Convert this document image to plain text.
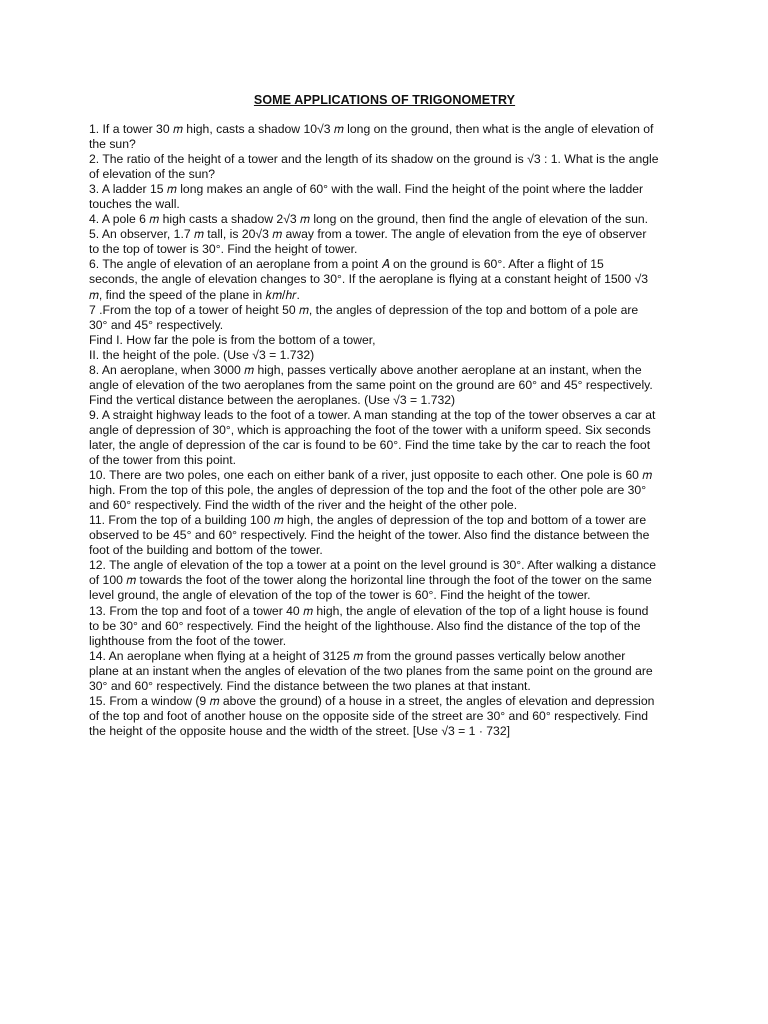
SOME APPLICATIONS OF TRIGONOMETRY
1. If a tower 30 𝑚 high, casts a shadow 10√3 𝑚 long on the ground, then what is the angle of elevation of
the sun?
2. The ratio of the height of a tower and the length of its shadow on the ground is √3 : 1. What is the angle
of elevation of the sun?
3. A ladder 15 𝑚 long makes an angle of 60° with the wall. Find the height of the point where the ladder
touches the wall.
4. A pole 6 𝑚 high casts a shadow 2√3 𝑚 long on the ground, then find the angle of elevation of the sun.
5. An observer, 1.7 𝑚 tall, is 20√3 𝑚 away from a tower. The angle of elevation from the eye of observer
to the top of tower is 30°. Find the height of tower.
6. The angle of elevation of an aeroplane from a point 𝐴 on the ground is 60°. After a flight of 15
seconds, the angle of elevation changes to 30°. If the aeroplane is flying at a constant height of 1500 √3
𝑚, find the speed of the plane in 𝑘𝑚/ℎ𝑟.
7 .From the top of a tower of height 50 𝑚, the angles of depression of the top and bottom of a pole are
30° and 45° respectively.
Find I. How far the pole is from the bottom of a tower,
II. the height of the pole. (Use √3 = 1.732)
8. An aeroplane, when 3000 𝑚 high, passes vertically above another aeroplane at an instant, when the
angle of elevation of the two aeroplanes from the same point on the ground are 60° and 45° respectively.
Find the vertical distance between the aeroplanes. (Use √3 = 1.732)
9. A straight highway leads to the foot of a tower. A man standing at the top of the tower observes a car at
angle of depression of 30°, which is approaching the foot of the tower with a uniform speed. Six seconds
later, the angle of depression of the car is found to be 60°. Find the time take by the car to reach the foot
of the tower from this point.
10. There are two poles, one each on either bank of a river, just opposite to each other. One pole is 60 𝑚
high. From the top of this pole, the angles of depression of the top and the foot of the other pole are 30°
and 60° respectively. Find the width of the river and the height of the other pole.
11. From the top of a building 100 𝑚 high, the angles of depression of the top and bottom of a tower are
observed to be 45° and 60° respectively. Find the height of the tower. Also find the distance between the
foot of the building and bottom of the tower.
12. The angle of elevation of the top a tower at a point on the level ground is 30°. After walking a distance
of 100 𝑚 towards the foot of the tower along the horizontal line through the foot of the tower on the same
level ground, the angle of elevation of the top of the tower is 60°. Find the height of the tower.
13. From the top and foot of a tower 40 𝑚 high, the angle of elevation of the top of a light house is found
to be 30° and 60° respectively. Find the height of the lighthouse. Also find the distance of the top of the
lighthouse from the foot of the tower.
14. An aeroplane when flying at a height of 3125 𝑚 from the ground passes vertically below another
plane at an instant when the angles of elevation of the two planes from the same point on the ground are
30° and 60° respectively. Find the distance between the two planes at that instant.
15. From a window (9 𝑚 above the ground) of a house in a street, the angles of elevation and depression
of the top and foot of another house on the opposite side of the street are 30° and 60° respectively. Find
the height of the opposite house and the width of the street. [Use √3 = 1 · 732]
